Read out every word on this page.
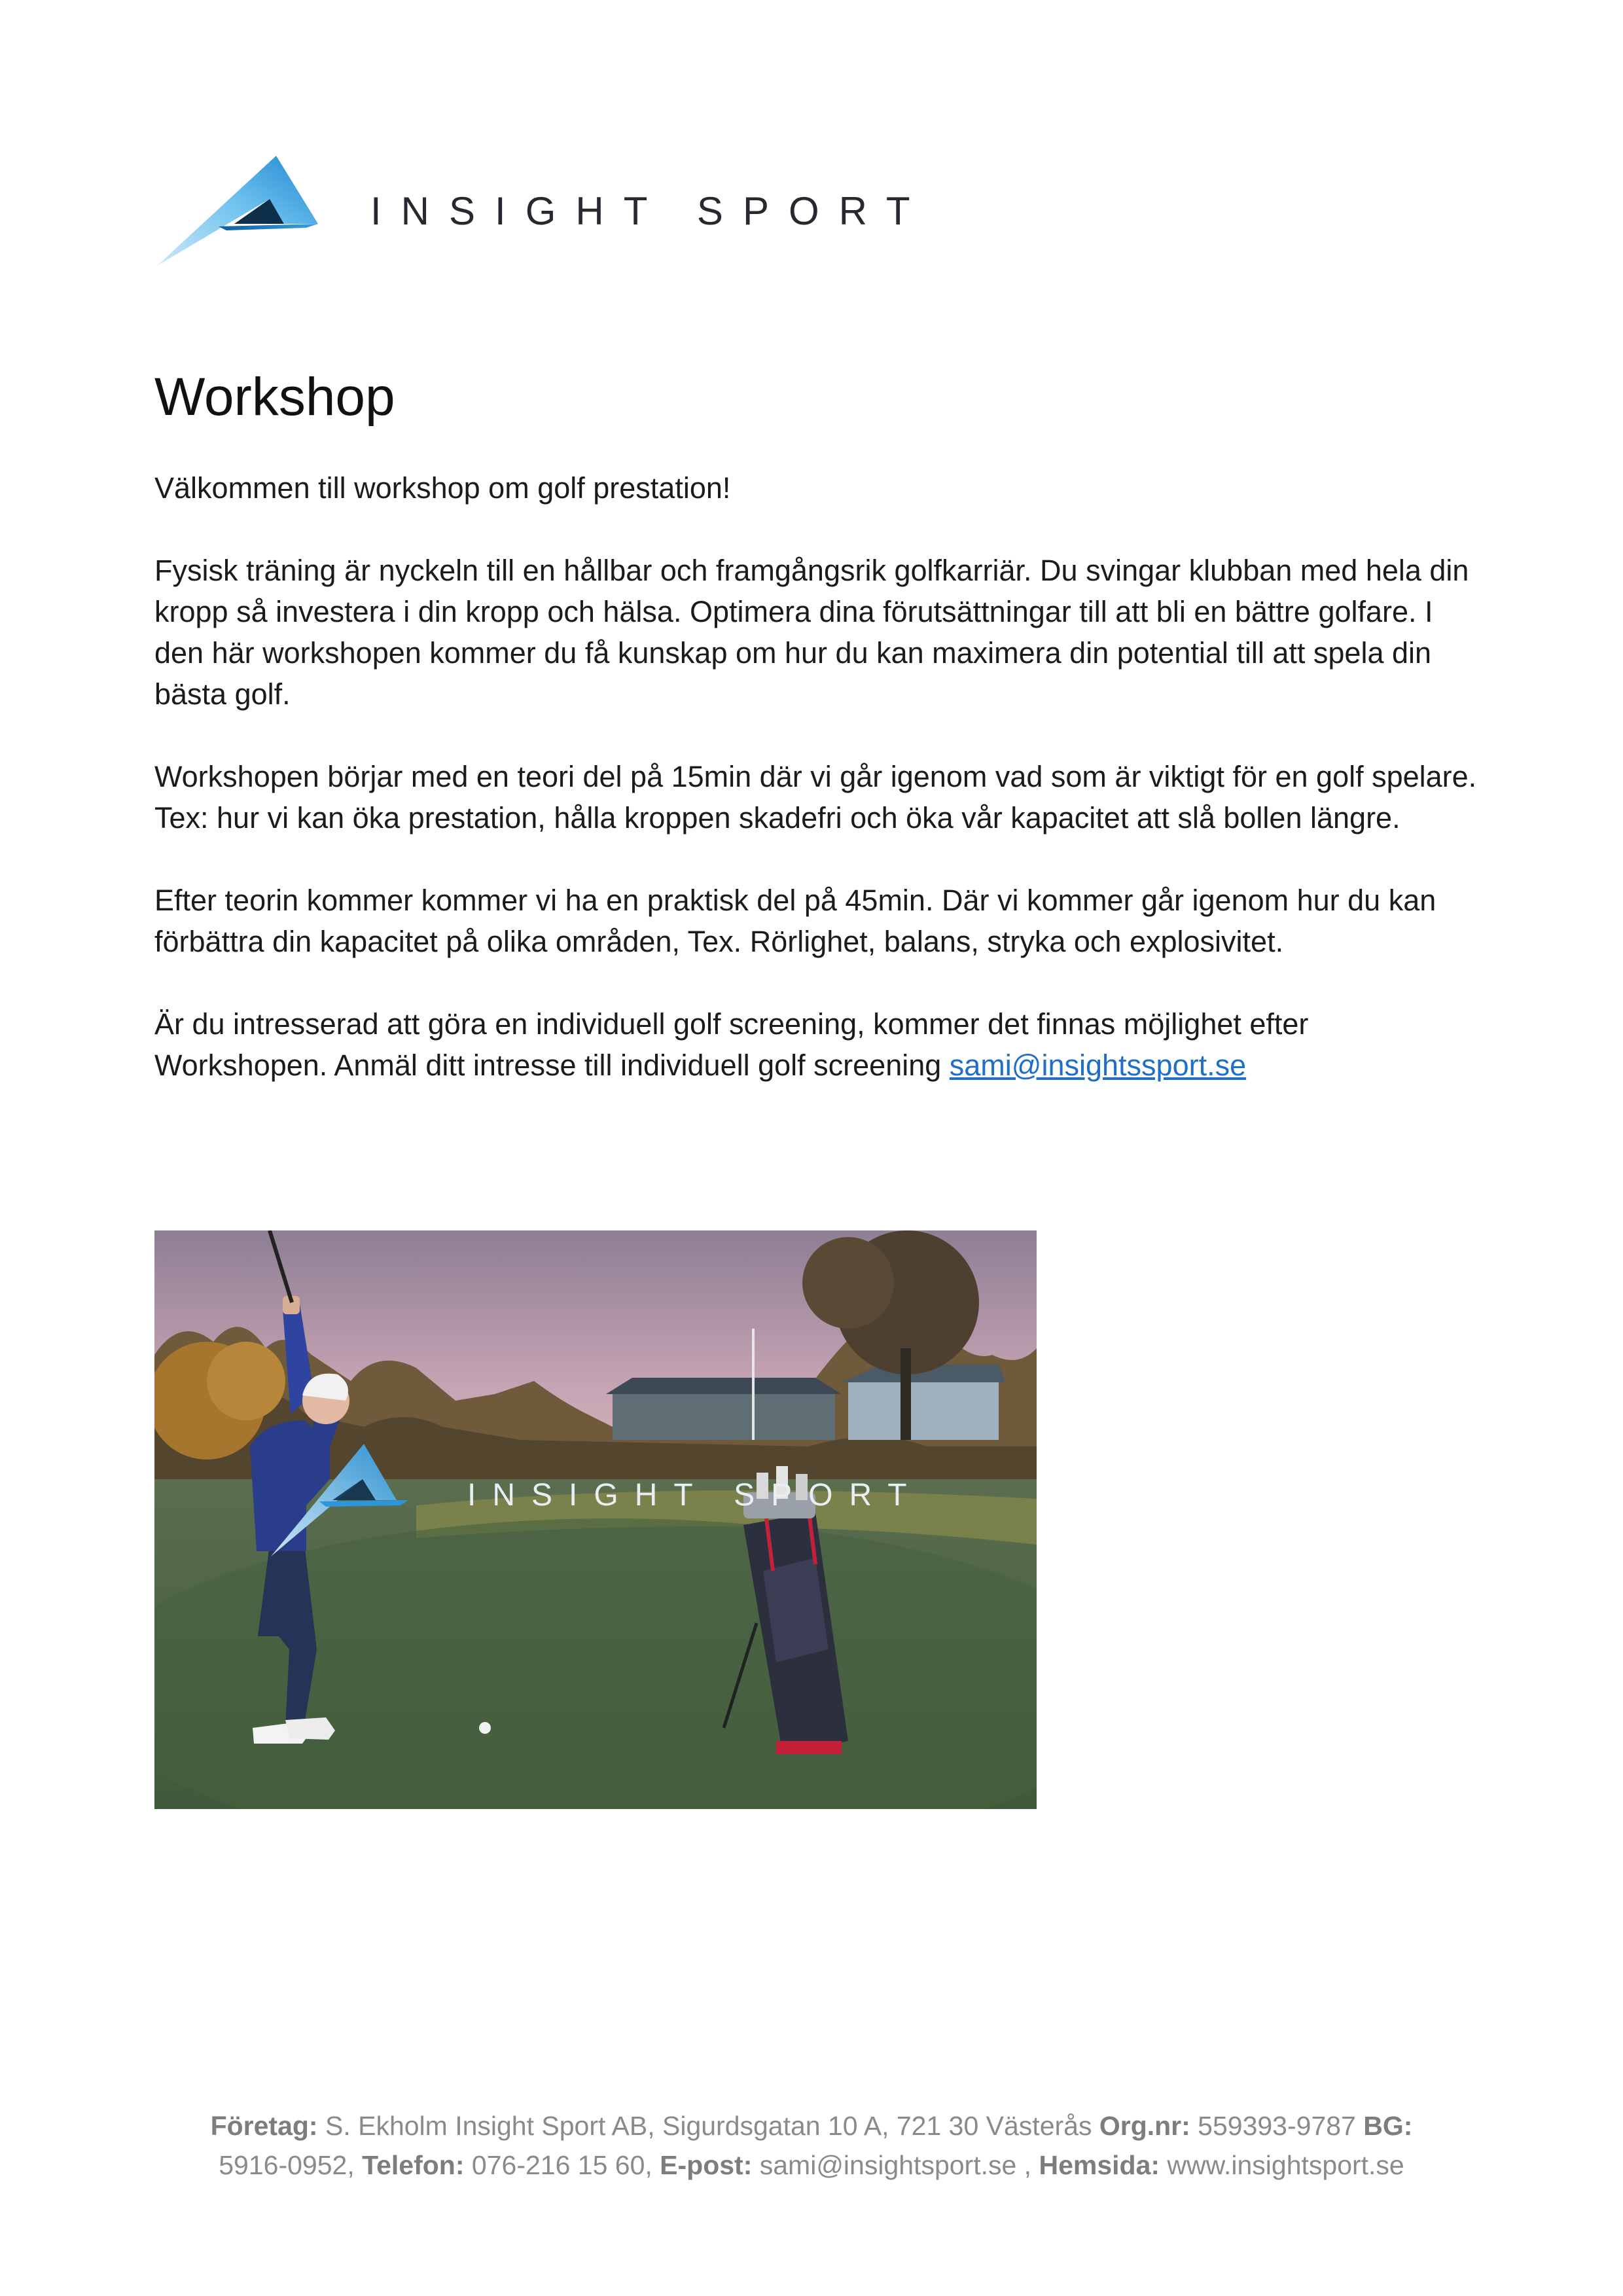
INSIGHT SPORT
Workshop

Välkommen till workshop om golf prestation!

Fysisk träning är nyckeln till en hållbar och framgångsrik golfkarriär. Du svingar klubban med hela din kropp så investera i din kropp och hälsa. Optimera dina förutsättningar till att bli en bättre golfare. I den här workshopen kommer du få kunskap om hur du kan maximera din potential till att spela din bästa golf.

Workshopen börjar med en teori del på 15min där vi går igenom vad som är viktigt för en golf spelare. Tex: hur vi kan öka prestation, hålla kroppen skadefri och öka vår kapacitet att slå bollen längre.

Efter teorin kommer kommer vi ha en praktisk del på 45min. Där vi kommer går igenom hur du kan förbättra din kapacitet på olika områden, Tex. Rörlighet, balans, stryka och explosivitet.

Är du intresserad att göra en individuell golf screening, kommer det finnas möjlighet efter Workshopen. Anmäl ditt intresse till individuell golf screening sami@insightssport.se

INSIGHT SPORT
Företag: S. Ekholm Insight Sport AB, Sigurdsgatan 10 A, 721 30 Västerås Org.nr: 559393-9787 BG:
5916-0952, Telefon: 076-216 15 60, E-post: sami@insightsport.se , Hemsida: www.insightsport.se
